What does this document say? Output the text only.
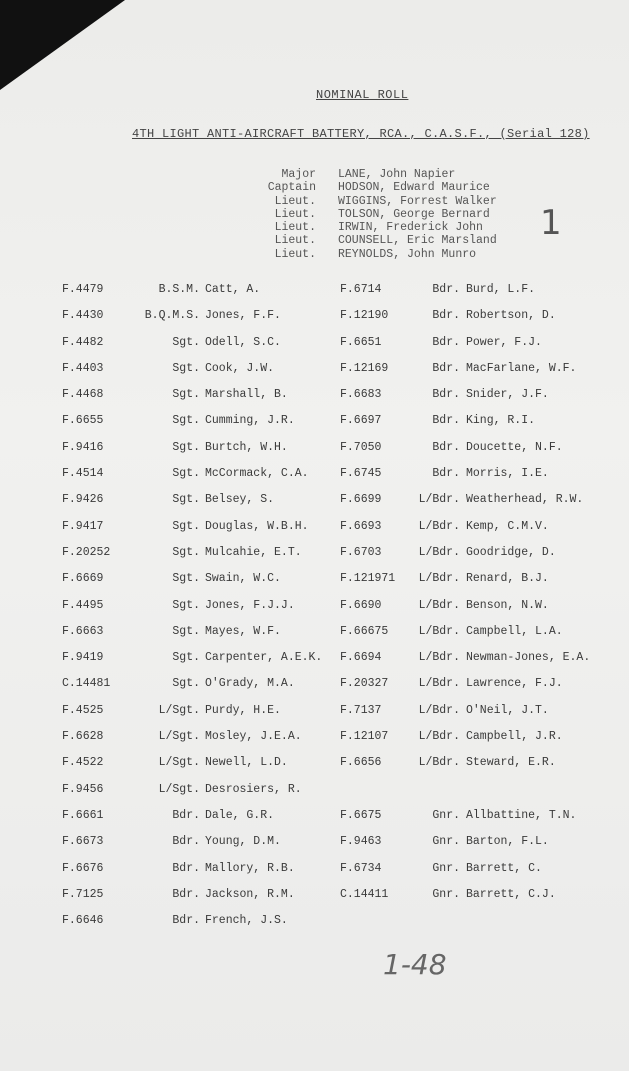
NOMINAL ROLL
4TH LIGHT ANTI-AIRCRAFT BATTERY, RCA., C.A.S.F., (Serial 128)
Major	LANE, John Napier
Captain	HODSON, Edward Maurice
Lieut.	WIGGINS, Forrest Walker
Lieut.	TOLSON, George Bernard
Lieut.	IRWIN, Frederick John
Lieut.	COUNSELL, Eric Marsland
Lieut.	REYNOLDS, John Munro
1
F.4479	B.S.M. Catt, A.	F.6714	Bdr. Burd, L.F.
F.4430	B.Q.M.S. Jones, F.F.	F.12190	Bdr. Robertson, D.
F.4482	Sgt. Odell, S.C.	F.6651	Bdr. Power, F.J.
F.4403	Sgt. Cook, J.W.	F.12169	Bdr. MacFarlane, W.F.
F.4468	Sgt. Marshall, B.	F.6683	Bdr. Snider, J.F.
F.6655	Sgt. Cumming, J.R.	F.6697	Bdr. King, R.I.
F.9416	Sgt. Burtch, W.H.	F.7050	Bdr. Doucette, N.F.
F.4514	Sgt. McCormack, C.A.	F.6745	Bdr. Morris, I.E.
F.9426	Sgt. Belsey, S.	F.6699	L/Bdr. Weatherhead, R.W.
F.9417	Sgt. Douglas, W.B.H.	F.6693	L/Bdr. Kemp, C.M.V.
F.20252	Sgt. Mulcahie, E.T.	F.6703	L/Bdr. Goodridge, D.
F.6669	Sgt. Swain, W.C.	F.121971	L/Bdr. Renard, B.J.
F.4495	Sgt. Jones, F.J.J.	F.6690	L/Bdr. Benson, N.W.
F.6663	Sgt. Mayes, W.F.	F.66675	L/Bdr. Campbell, L.A.
F.9419	Sgt. Carpenter, A.E.K. F.6694	L/Bdr. Newman-Jones, E.A.
C.14481	Sgt. O'Grady, M.A.	F.20327	L/Bdr. Lawrence, F.J.
F.4525	L/Sgt. Purdy, H.E.	F.7137	L/Bdr. O'Neil, J.T.
F.6628	L/Sgt. Mosley, J.E.A.	F.12107	L/Bdr. Campbell, J.R.
F.4522	L/Sgt. Newell, L.D.	F.6656	L/Bdr. Steward, E.R.
F.9456	L/Sgt. Desrosiers, R.
F.6661	Bdr. Dale, G.R.	F.6675	Gnr. Allbattine, T.N.
F.6673	Bdr. Young, D.M.	F.9463	Gnr. Barton, F.L.
F.6676	Bdr. Mallory, R.B.	F.6734	Gnr. Barrett, C.
F.7125	Bdr. Jackson, R.M.	C.14411	Gnr. Barrett, C.J.
F.6646	Bdr. French, J.S.
1-48
